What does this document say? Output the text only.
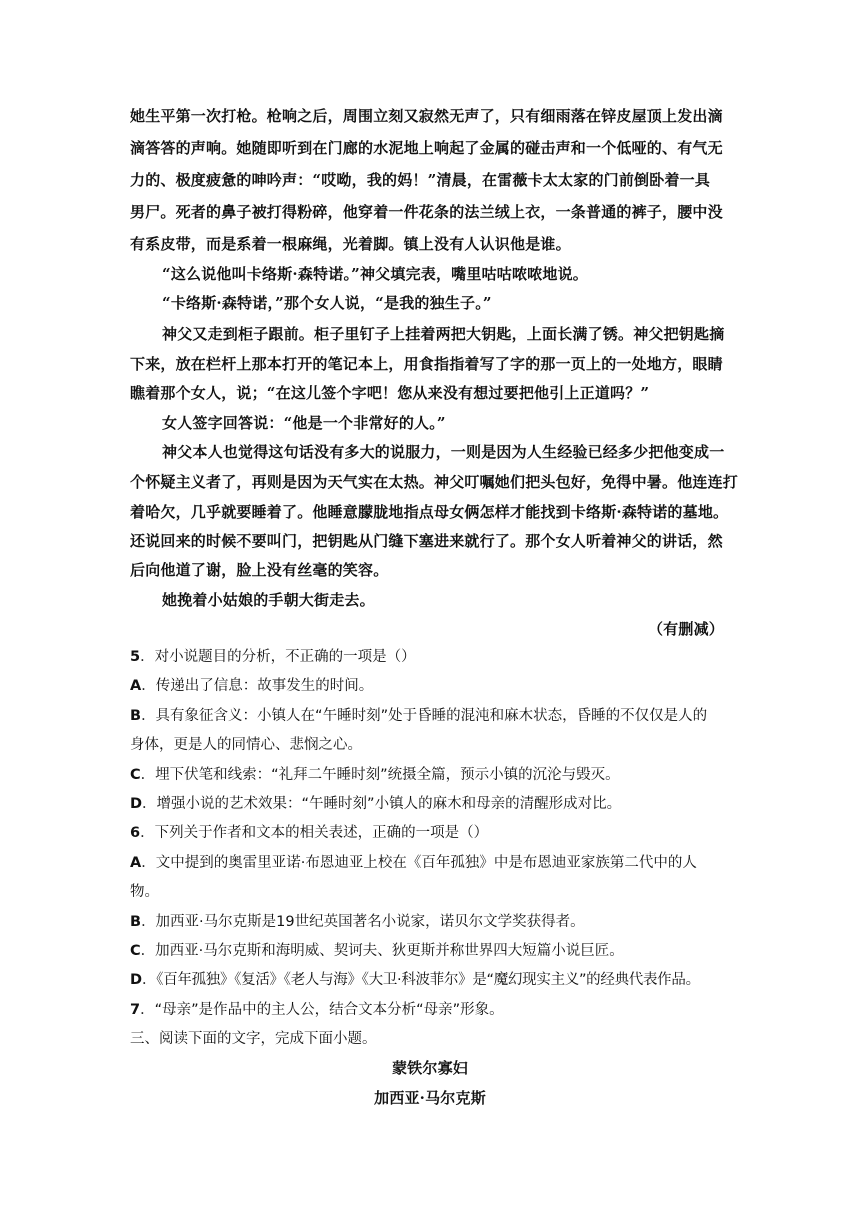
她生平第一次打枪。枪响之后，周围立刻又寂然无声了，只有细雨落在锌皮屋顶上发出滴
滴答答的声响。她随即听到在门廊的水泥地上响起了金属的碰击声和一个低哑的、有气无
力的、极度疲惫的呻吟声：“哎呦，我的妈！”清晨，在雷薇卡太太家的门前倒卧着一具
男尸。死者的鼻子被打得粉碎，他穿着一件花条的法兰绒上衣，一条普通的裤子，腰中没
有系皮带，而是系着一根麻绳，光着脚。镇上没有人认识他是谁。
“这么说他叫卡络斯·森特诺。”神父填完表，嘴里咕咕哝哝地说。
“卡络斯·森特诺，”那个女人说，“是我的独生子。”
神父又走到柜子跟前。柜子里钉子上挂着两把大钥匙，上面长满了锈。神父把钥匙摘
下来，放在栏杆上那本打开的笔记本上，用食指指着写了字的那一页上的一处地方，眼睛
瞧着那个女人，说；“在这儿签个字吧！您从来没有想过要把他引上正道吗？”
女人签字回答说：“他是一个非常好的人。”
神父本人也觉得这句话没有多大的说服力，一则是因为人生经验已经多少把他变成一
个怀疑主义者了，再则是因为天气实在太热。神父叮嘱她们把头包好，免得中暑。他连连打
着哈欠，几乎就要睡着了。他睡意朦胧地指点母女俩怎样才能找到卡络斯·森特诺的墓地。
还说回来的时候不要叫门，把钥匙从门缝下塞进来就行了。那个女人听着神父的讲话，然
后向他道了谢，脸上没有丝毫的笑容。
她挽着小姑娘的手朝大街走去。
（有删减）
5．对小说题目的分析，不正确的一项是（）
A．传递出了信息：故事发生的时间。
B．具有象征含义：小镇人在“午睡时刻”处于昏睡的混沌和麻木状态，昏睡的不仅仅是人的
身体，更是人的同情心、悲悯之心。
C．埋下伏笔和线索：“礼拜二午睡时刻”统摄全篇，预示小镇的沉沦与毁灭。
D．增强小说的艺术效果：“午睡时刻”小镇人的麻木和母亲的清醒形成对比。
6．下列关于作者和文本的相关表述，正确的一项是（）
A．文中提到的奥雷里亚诺·布恩迪亚上校在《百年孤独》中是布恩迪亚家族第二代中的人
物。
B．加西亚·马尔克斯是19世纪英国著名小说家，诺贝尔文学奖获得者。
C．加西亚·马尔克斯和海明威、契诃夫、狄更斯并称世界四大短篇小说巨匠。
D．《百年孤独》《复活》《老人与海》《大卫·科波菲尔》是“魔幻现实主义”的经典代表作品。
7．“母亲”是作品中的主人公，结合文本分析“母亲”形象。
三、阅读下面的文字，完成下面小题。
蒙铁尔寡妇
加西亚·马尔克斯
